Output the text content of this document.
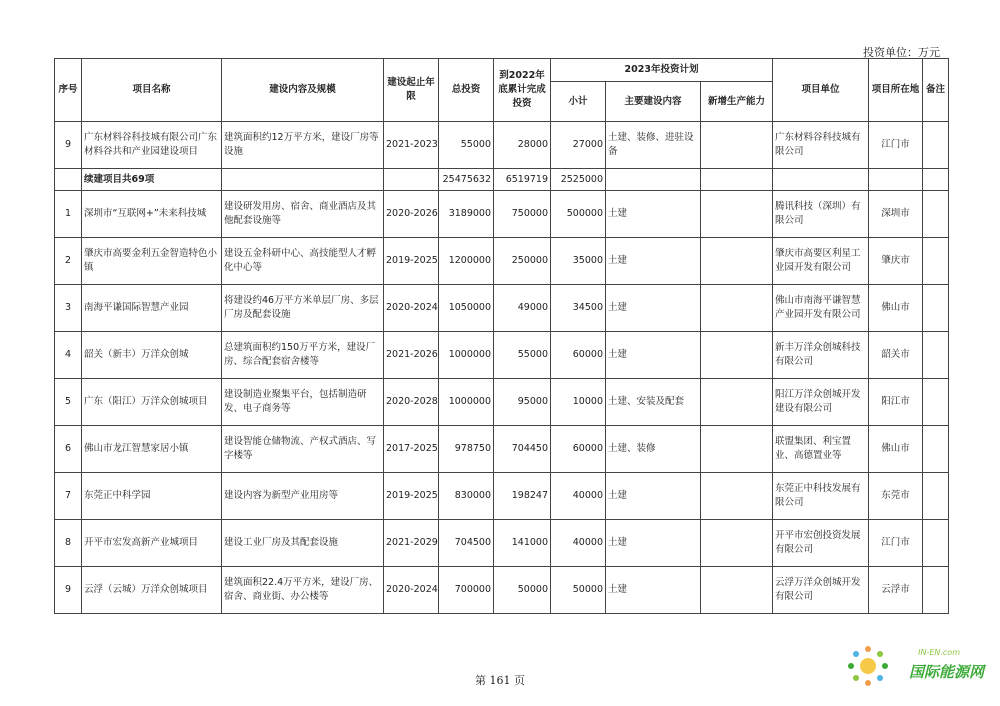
投资单位：万元
序号	项目名称	建设内容及规模	建设起止年限	总投资	到2022年底累计完成投资	2023年投资计划			项目单位	项目所在地	备注
						小计	主要建设内容	新增生产能力			
9	广东材料谷科技城有限公司广东材料谷共和产业园建设项目	建筑面积约12万平方米，建设厂房等设施	2021-2023	55000	28000	27000	土建、装修、进驻设备		广东材料谷科技城有限公司	江门市	
	续建项目共69项			25475632	6519719	2525000					
1	深圳市“互联网+”未来科技城	建设研发用房、宿舍、商业酒店及其他配套设施等	2020-2026	3189000	750000	500000	土建		腾讯科技（深圳）有限公司	深圳市	
2	肇庆市高要金利五金智造特色小镇	建设五金科研中心、高技能型人才孵化中心等	2019-2025	1200000	250000	35000	土建		肇庆市高要区利星工业园开发有限公司	肇庆市	
3	南海平谦国际智慧产业园	将建设约46万平方米单层厂房、多层厂房及配套设施	2020-2024	1050000	49000	34500	土建		佛山市南海平谦智慧产业园开发有限公司	佛山市	
4	韶关（新丰）万洋众创城	总建筑面积约150万平方米，建设厂房、综合配套宿舍楼等	2021-2026	1000000	55000	60000	土建		新丰万洋众创城科技有限公司	韶关市	
5	广东（阳江）万洋众创城项目	建设制造业聚集平台，包括制造研发、电子商务等	2020-2028	1000000	95000	10000	土建、安装及配套		阳江万洋众创城开发建设有限公司	阳江市	
6	佛山市龙江智慧家居小镇	建设智能仓储物流、产权式酒店、写字楼等	2017-2025	978750	704450	60000	土建、装修		联盟集团、利宝置业、高德置业等	佛山市	
7	东莞正中科学园	建设内容为新型产业用房等	2019-2025	830000	198247	40000	土建		东莞正中科技发展有限公司	东莞市	
8	开平市宏发高新产业城项目	建设工业厂房及其配套设施	2021-2029	704500	141000	40000	土建		开平市宏创投资发展有限公司	江门市	
9	云浮（云城）万洋众创城项目	建筑面积22.4万平方米，建设厂房、宿舍、商业街、办公楼等	2020-2024	700000	50000	50000	土建		云浮万洋众创城开发有限公司	云浮市	
第 161 页
IN-EN.com
国际能源网
